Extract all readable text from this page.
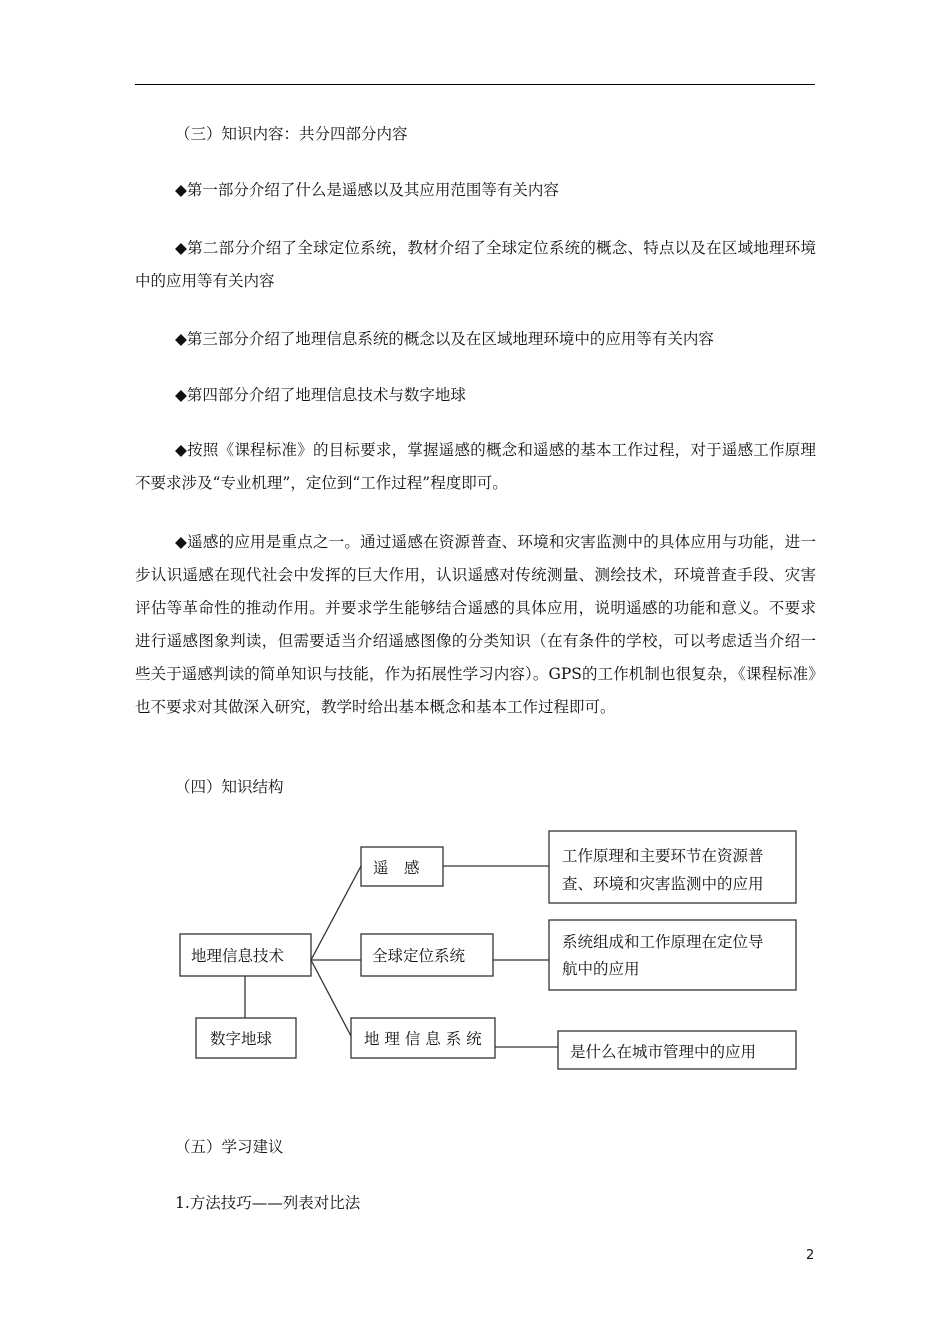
（三）知识内容：共分四部分内容

◆第一部分介绍了什么是遥感以及其应用范围等有关内容

◆第二部分介绍了全球定位系统，教材介绍了全球定位系统的概念、特点以及在区域地理环境中的应用等有关内容

◆第三部分介绍了地理信息系统的概念以及在区域地理环境中的应用等有关内容

◆第四部分介绍了地理信息技术与数字地球

◆按照《课程标准》的目标要求，掌握遥感的概念和遥感的基本工作过程，对于遥感工作原理不要求涉及“专业机理”，定位到“工作过程”程度即可。

◆遥感的应用是重点之一。通过遥感在资源普查、环境和灾害监测中的具体应用与功能，进一步认识遥感在现代社会中发挥的巨大作用，认识遥感对传统测量、测绘技术，环境普查手段、灾害评估等革命性的推动作用。并要求学生能够结合遥感的具体应用，说明遥感的功能和意义。不要求进行遥感图象判读，但需要适当介绍遥感图像的分类知识（在有条件的学校，可以考虑适当介绍一些关于遥感判读的简单知识与技能，作为拓展性学习内容）。GPS的工作机制也很复杂，《课程标准》也不要求对其做深入研究，教学时给出基本概念和基本工作过程即可。

（四）知识结构

地理信息技术
数字地球
遥　感
全球定位系统
地 理 信 息 系 统
工作原理和主要环节在资源普
查、环境和灾害监测中的应用
系统组成和工作原理在定位导
航中的应用
是什么在城市管理中的应用

（五）学习建议

1.方法技巧——列表对比法

2
